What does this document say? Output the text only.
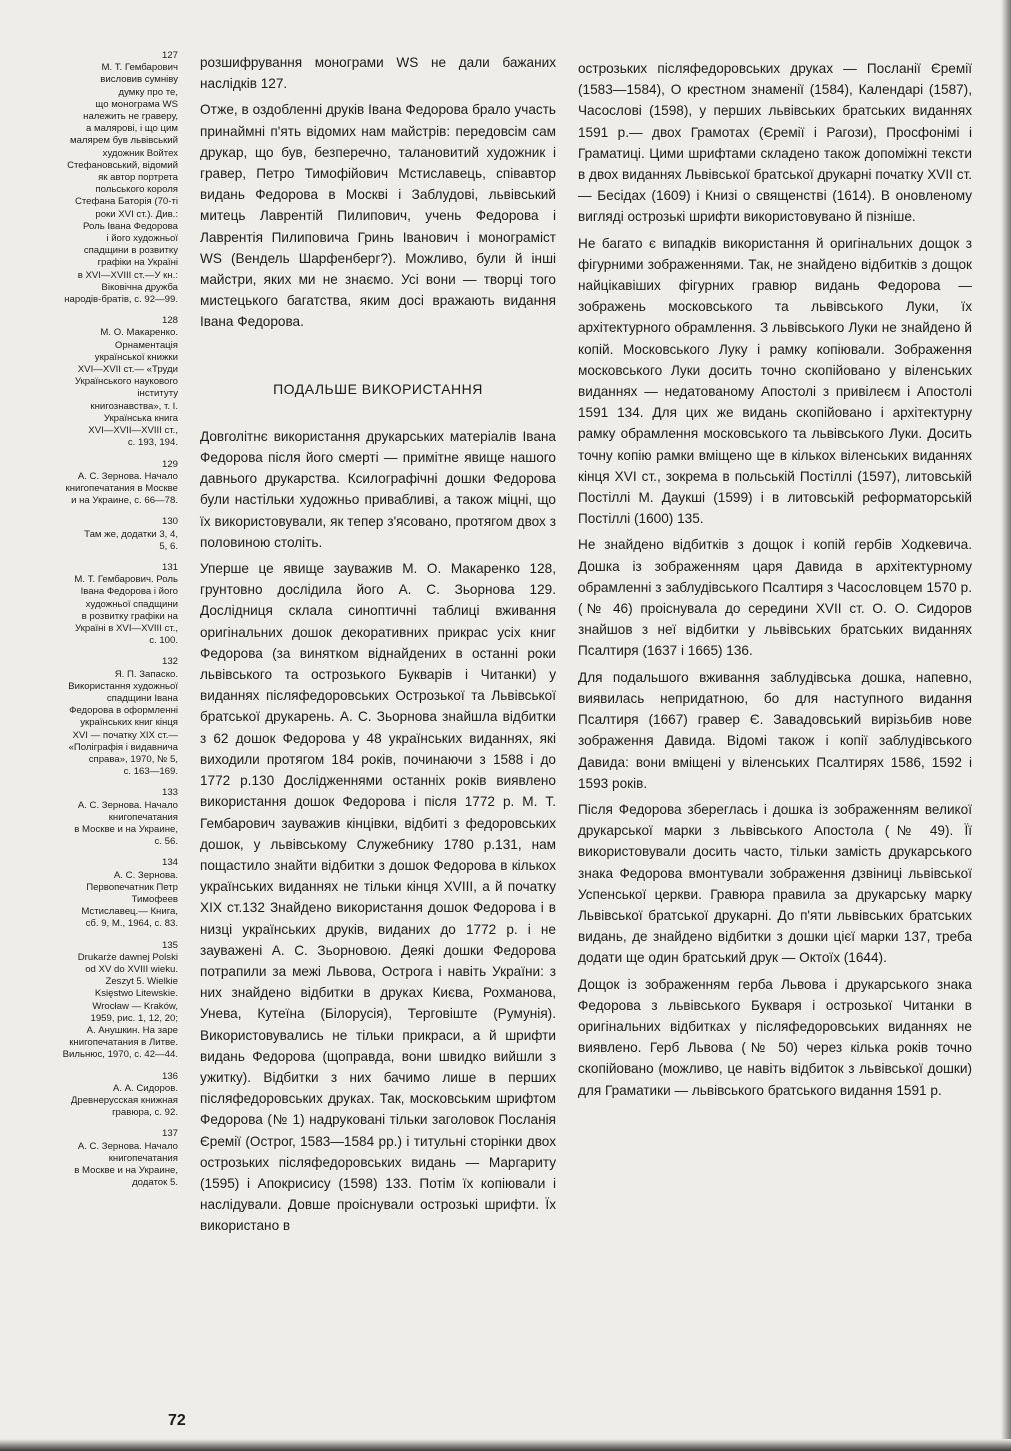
127

М. Т. Гембарович
висловив сумніву
думку про те,
що монограма WS
належить не граверу,
а малярові, і що цим
малярем був львівський
художник Войтех
Стефановський, відомий
як автор портрета
польського короля
Стефана Баторія (70-ті
роки XVI ст.). Див.:
Роль Івана Федорова
і його художньої
спадщини в розвитку
графіки на Україні
в XVI—XVIII ст.—У кн.:
Віковічна дружба
народів-братів, с. 92—99.

128

М. О. Макаренко.
Орнаментація
української книжки
XVI—XVII ст.— «Труди
Українського наукового
інституту
книгознавства», т. І.
Українська книга
XVI—XVII—XVIII ст.,
с. 193, 194.

129

А. С. Зернова. Начало
книгопечатания в Москве
и на Украине, с. 66—78.

130

Там же, додатки 3, 4,
5, 6.

131

М. Т. Гембарович. Роль
Івана Федорова і його
художньої спадщини
в розвитку графіки на
Україні в XVI—XVIII ст.,
с. 100.

132

Я. П. Запаско.
Використання художньої
спадщини Івана
Федорова в оформленні
українських книг кінця
XVI — початку XIX ст.—
«Поліграфія і видавнича
справа», 1970, № 5,
с. 163—169.

133

А. С. Зернова. Начало
книгопечатания
в Москве и на Украине,
с. 56.

134

А. С. Зернова.
Первопечатник Петр
Тимофеев
Мстиславец.— Книга,
сб. 9, М., 1964, с. 83.

135

Drukarże dawnej Polski
od XV do XVIII wieku.
Zeszyt 5. Wielkie
Księstwo Litewskie.
Wrocław — Kraków,
1959, рис. 1, 12, 20;
А. Анушкин. На заре
книгопечатания в Литве.
Вильнюс, 1970, с. 42—44.

136

А. А. Сидоров.
Древнерусская книжная
гравюра, с. 92.

137

А. С. Зернова. Начало
книгопечатания
в Москве и на Украине,
додаток 5.

розшифрування монограми WS не дали бажаних наслідків 127.

Отже, в оздобленні друків Івана Федорова брало участь принаймні п'ять відомих нам майстрів: передовсім сам друкар, що був, безперечно, талановитий художник і гравер, Петро Тимофійович Мстиславець, співавтор видань Федорова в Москві і Заблудові, львівський митець Лаврентій Пилипович, учень Федорова і Лаврентія Пилиповича Гринь Іванович і монограміст WS (Вендель Шарфенберг?). Можливо, були й інші майстри, яких ми не знаємо. Усі вони — творці того мистецького багатства, яким досі вражають видання Івана Федорова.

ПОДАЛЬШЕ ВИКОРИСТАННЯ

Довголітнє використання друкарських матеріалів Івана Федорова після його смерті — примітне явище нашого давнього друкарства. Ксилографічні дошки Федорова були настільки художньо привабливі, а також міцні, що їх використовували, як тепер з'ясовано, протягом двох з половиною століть.

Уперше це явище зауважив М. О. Макаренко 128, грунтовно дослідила його А. С. Зьорнова 129. Дослідниця склала синоптичні таблиці вживання оригінальних дошок декоративних прикрас усіх книг Федорова (за винятком віднайдених в останні роки львівського та острозького Букварів і Читанки) у виданнях післяфедоровських Острозької та Львівської братської друкарень. А. С. Зьорнова знайшла відбитки з 62 дошок Федорова у 48 українських виданнях, які виходили протягом 184 років, починаючи з 1588 і до 1772 р.130 Дослідженнями останніх років виявлено використання дошок Федорова і після 1772 р. М. Т. Гембарович зауважив кінцівки, відбиті з федоровських дошок, у львівському Служебнику 1780 р.131, нам пощастило знайти відбитки з дошок Федорова в кількох українських виданнях не тільки кінця XVIII, а й початку XIX ст.132 Знайдено використання дошок Федорова і в низці українських друків, виданих до 1772 р. і не зауважені А. С. Зьорновою. Деякі дошки Федорова потрапили за межі Львова, Острога і навіть України: з них знайдено відбитки в друках Києва, Рохманова, Унева, Кутеїна (Білорусія), Терговіште (Румунія). Використовувались не тільки прикраси, а й шрифти видань Федорова (щоправда, вони швидко вийшли з ужитку). Відбитки з них бачимо лише в перших післяфедоровських друках. Так, московським шрифтом Федорова (№ 1) надруковані тільки заголовок Посланія Єремії (Острог, 1583—1584 рр.) і титульні сторінки двох острозьких післяфедоровських видань — Маргариту (1595) і Апокрисису (1598) 133. Потім їх копіювали і наслідували. Довше проіснували острозькі шрифти. Їх використано в

острозьких післяфедоровських друках — Посланії Єремії (1583—1584), О крестном знаменії (1584), Календарі (1587), Часослові (1598), у перших львівських братських виданнях 1591 р.— двох Грамотах (Єремії і Рагози), Просфонімі і Граматиці. Цими шрифтами складено також допоміжні тексти в двох виданнях Львівської братської друкарні початку XVII ст.— Бесідах (1609) і Книзі о священстві (1614). В оновленому вигляді острозькі шрифти використовувано й пізніше.

Не багато є випадків використання й оригінальних дощок з фігурними зображеннями. Так, не знайдено відбитків з дощок найцікавіших фігурних гравюр видань Федорова — зображень московського та львівського Луки, їх архітектурного обрамлення. З львівського Луки не знайдено й копій. Московського Луку і рамку копіювали. Зображення московського Луки досить точно скопійовано у віленських виданнях — недатованому Апостолі з привілеєм і Апостолі 1591 134. Для цих же видань скопійовано і архітектурну рамку обрамлення московського та львівського Луки. Досить точну копію рамки вміщено ще в кількох віленських виданнях кінця XVI ст., зокрема в польській Постіллі (1597), литовській Постіллі М. Даукші (1599) і в литовській реформаторській Постіллі (1600) 135.

Не знайдено відбитків з дощок і копій гербів Ходкевича. Дошка із зображенням царя Давида в архітектурному обрамленні з заблудівського Псалтиря з Часословцем 1570 р. (№ 46) проіснувала до середини XVII ст. О. О. Сидоров знайшов з неї відбитки у львівських братських виданнях Псалтиря (1637 і 1665) 136.

Для подальшого вживання заблудівська дошка, напевно, виявилась непридатною, бо для наступного видання Псалтиря (1667) гравер Є. Завадовський вирізьбив нове зображення Давида. Відомі також і копії заблудівського Давида: вони вміщені у віленських Псалтирях 1586, 1592 і 1593 років.

Після Федорова збереглась і дошка із зображенням великої друкарської марки з львівського Апостола (№ 49). Її використовували досить часто, тільки замість друкарського знака Федорова вмонтували зображення дзвіниці львівської Успенської церкви. Гравюра правила за друкарську марку Львівської братської друкарні. До п'яти львівських братських видань, де знайдено відбитки з дошки цієї марки 137, треба додати ще один братський друк — Октоїх (1644).

Дощок із зображенням герба Львова і друкарського знака Федорова з львівського Букваря і острозької Читанки в оригінальних відбитках у післяфедоровських виданнях не виявлено. Герб Львова (№ 50) через кілька років точно скопійовано (можливо, це навіть відбиток з львівської дошки) для Граматики — львівського братського видання 1591 р.

72
